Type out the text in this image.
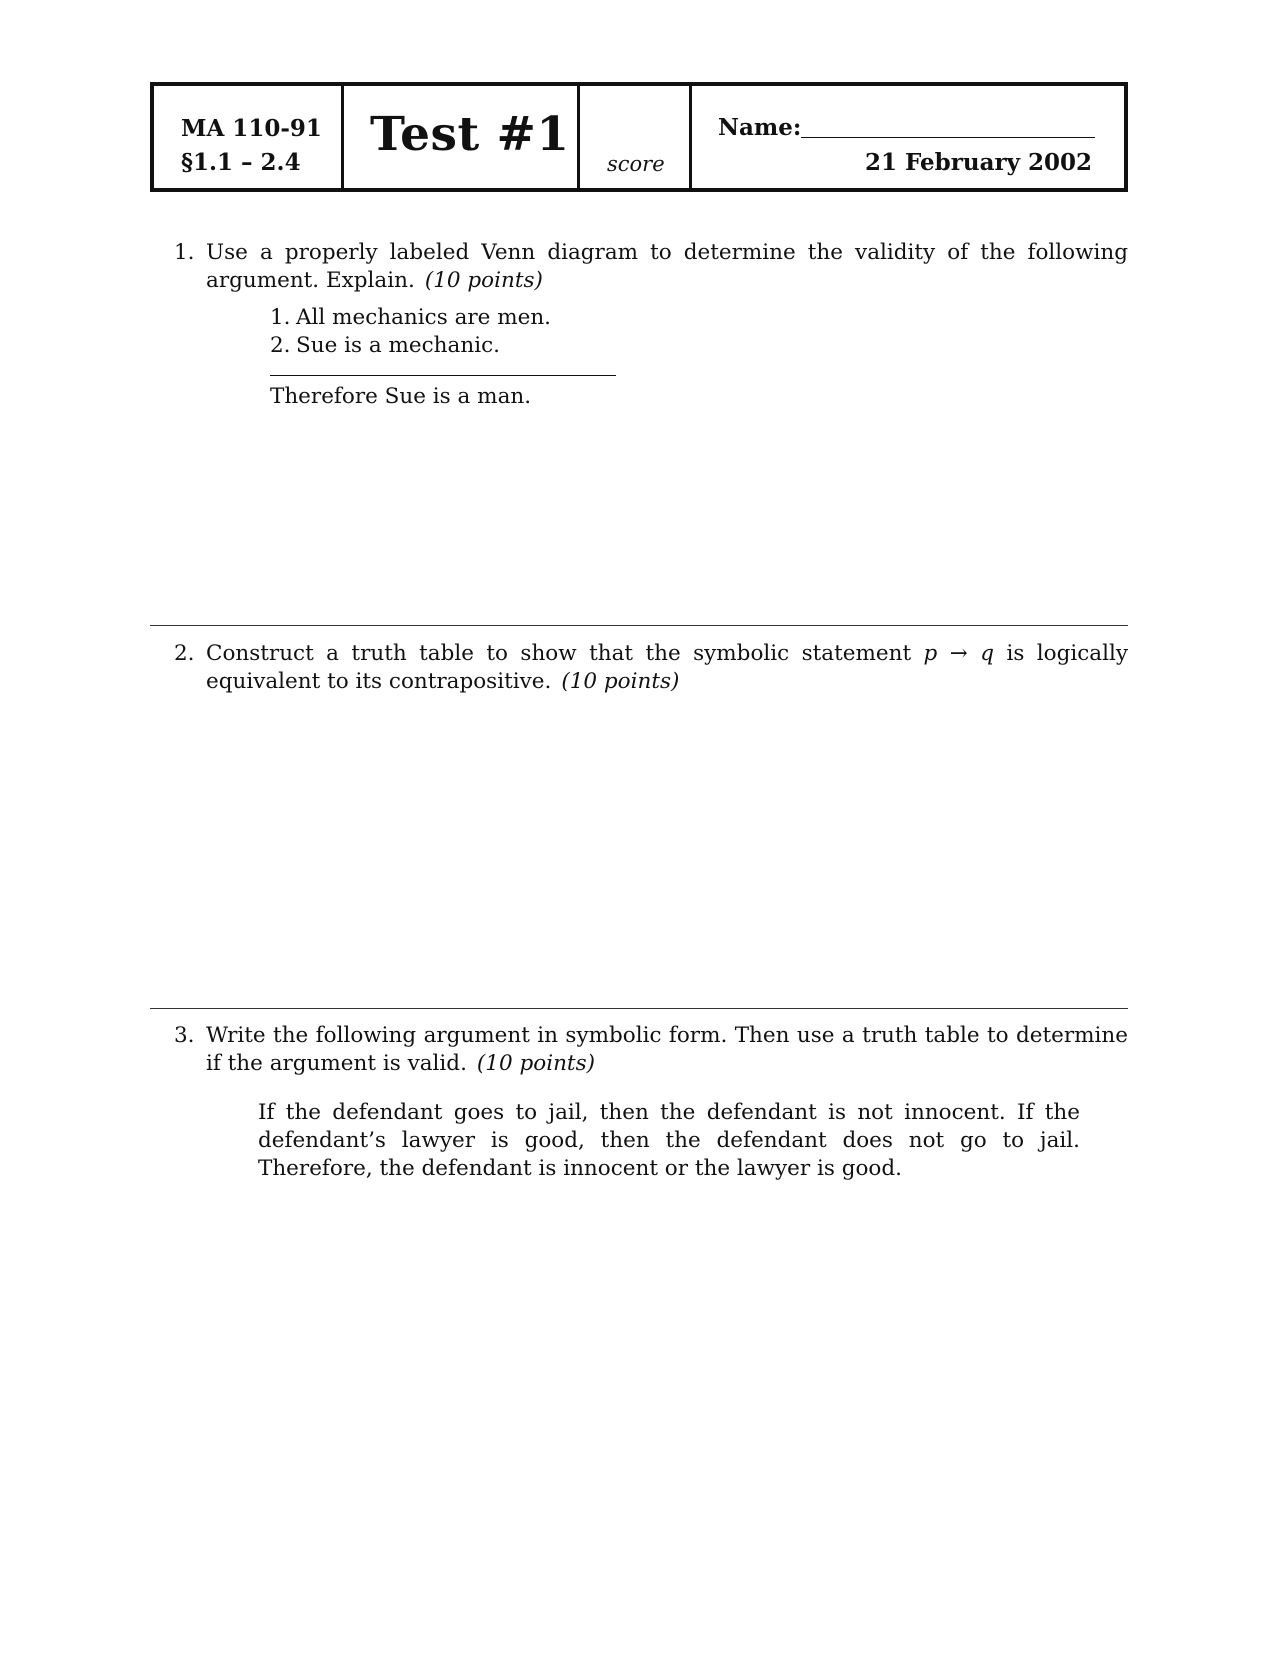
MA 110-91
§1.1 – 2.4
Test #1
score
Name:
21 February 2002
1. Use a properly labeled Venn diagram to determine the validity of the following argument. Explain. (10 points)
1. All mechanics are men.
2. Sue is a mechanic.
Therefore Sue is a man.
2. Construct a truth table to show that the symbolic statement p → q is logically equivalent to its contrapositive. (10 points)
3. Write the following argument in symbolic form. Then use a truth table to determine if the argument is valid. (10 points)
If the defendant goes to jail, then the defendant is not innocent. If the defendant’s lawyer is good, then the defendant does not go to jail. Therefore, the defendant is innocent or the lawyer is good.
